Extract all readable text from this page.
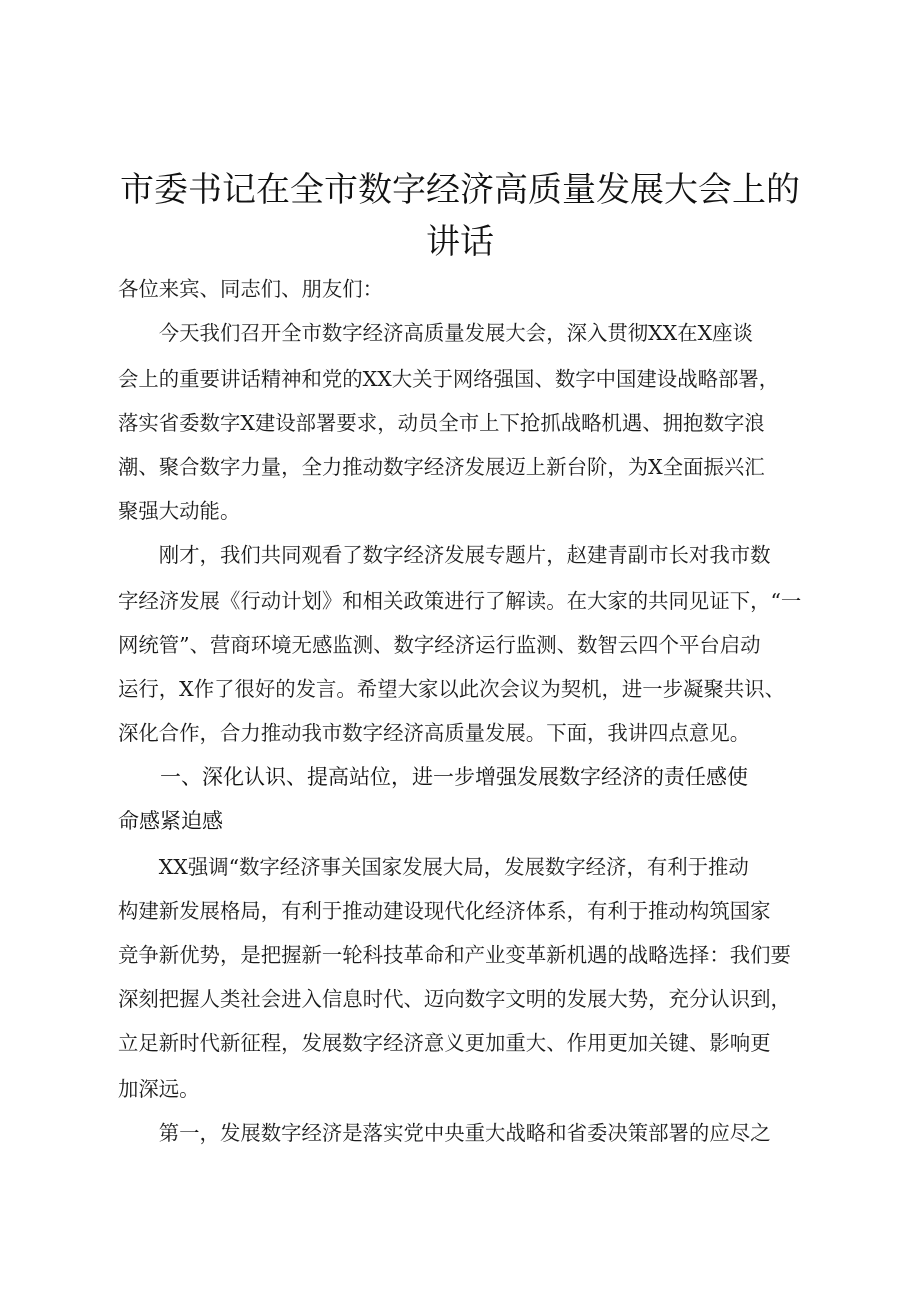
市委书记在全市数字经济高质量发展大会上的
讲话
各位来宾、同志们、朋友们：
　　今天我们召开全市数字经济高质量发展大会，深入贯彻XX在X座谈
会上的重要讲话精神和党的XX大关于网络强国、数字中国建设战略部署，
落实省委数字X建设部署要求，动员全市上下抢抓战略机遇、拥抱数字浪
潮、聚合数字力量，全力推动数字经济发展迈上新台阶，为X全面振兴汇
聚强大动能。
　　刚才，我们共同观看了数字经济发展专题片，赵建青副市长对我市数
字经济发展《行动计划》和相关政策进行了解读。在大家的共同见证下，“一
网统管”、营商环境无感监测、数字经济运行监测、数智云四个平台启动
运行，X作了很好的发言。希望大家以此次会议为契机，进一步凝聚共识、
深化合作，合力推动我市数字经济高质量发展。下面，我讲四点意见。
　　一、深化认识、提高站位，进一步增强发展数字经济的责任感使
命感紧迫感
　　XX强调“数字经济事关国家发展大局，发展数字经济，有利于推动
构建新发展格局，有利于推动建设现代化经济体系，有利于推动构筑国家
竞争新优势，是把握新一轮科技革命和产业变革新机遇的战略选择：我们要
深刻把握人类社会进入信息时代、迈向数字文明的发展大势，充分认识到，
立足新时代新征程，发展数字经济意义更加重大、作用更加关键、影响更
加深远。
　　第一，发展数字经济是落实党中央重大战略和省委决策部署的应尽之
